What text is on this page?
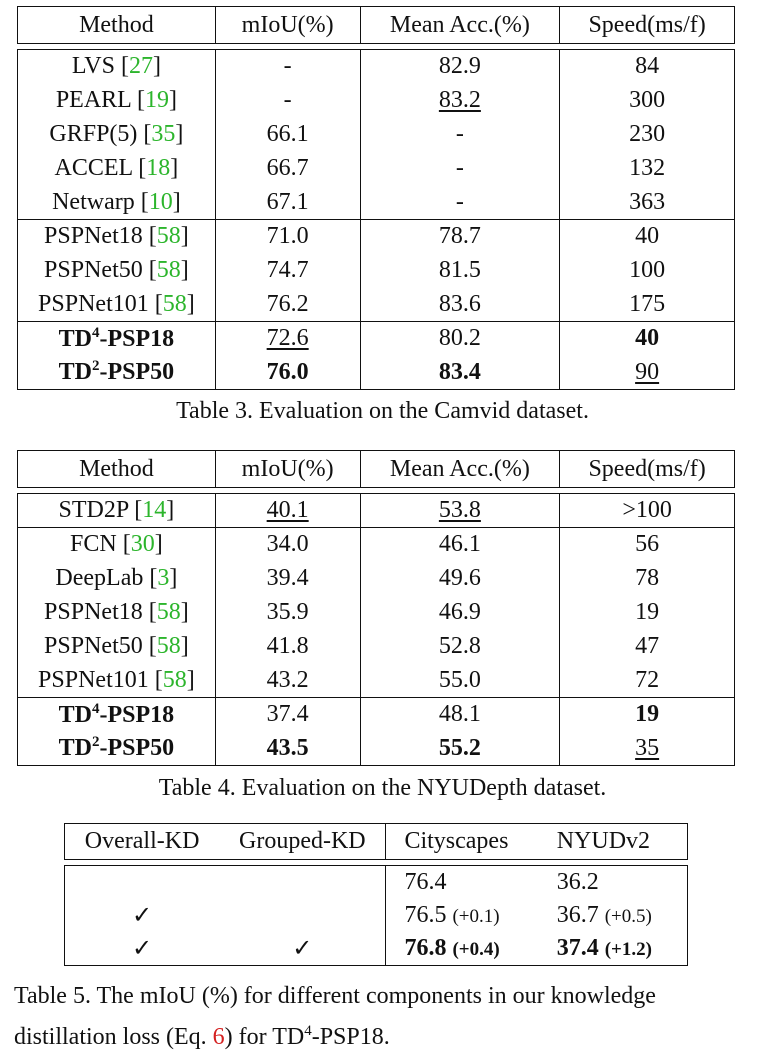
Method	mIoU(%)	Mean Acc.(%)	Speed(ms/f)

LVS [27]	-	82.9	84
PEARL [19]	-	83.2	300
GRFP(5) [35]	66.1	-	230
ACCEL [18]	66.7	-	132
Netwarp [10]	67.1	-	363
PSPNet18 [58]	71.0	78.7	40
PSPNet50 [58]	74.7	81.5	100
PSPNet101 [58]	76.2	83.6	175
$TD^4-PSP18$	72.6	80.2	40
$TD^2-PSP50$	76.0	83.4	90

Table 3. Evaluation on the Camvid dataset.

Method	mIoU(%)	Mean Acc.(%)	Speed(ms/f)

STD2P [14]	40.1	53.8	>100
FCN [30]	34.0	46.1	56
DeepLab [3]	39.4	49.6	78
PSPNet18 [58]	35.9	46.9	19
PSPNet50 [58]	41.8	52.8	47
PSPNet101 [58]	43.2	55.0	72
$TD^4-PSP18$	37.4	48.1	19
$TD^2-PSP50$	43.5	55.2	35

Table 4. Evaluation on the NYUDepth dataset.

Overall-KD	Grouped-KD	Cityscapes	NYUDv2

		76.4	36.2
✓		76.5 (+0.1)	36.7 (+0.5)
✓	✓	76.8 (+0.4)	37.4 (+1.2)
Table 5. The mIoU (%) for different components in our knowledge
distillation loss (Eq. 6) for $TD^4-PSP18$.
